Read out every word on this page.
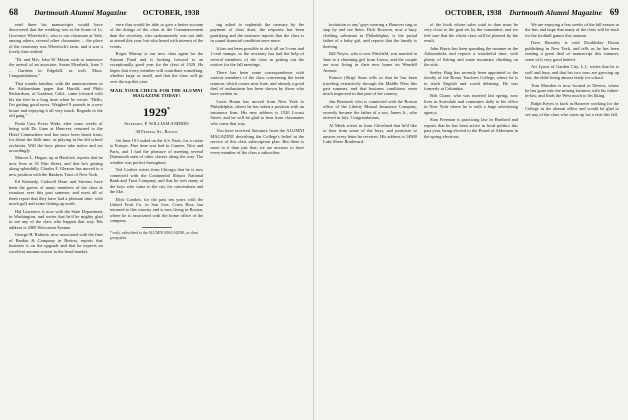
68 Dartmouth Alumni Magazine OCTOBER, 1938

read there his manuscripts would have discovered that the wedding was at the home of Lt. Governor Wheelock's, who is our classmate at Yale, among others, several other classmates ... the place of the ceremony was Wheelock's farm, and it was a lovely time indeed.

"Dr. and Mrs. John W. Mason wish to announce the arrival of an associate, Susan Elizabeth, June 5 ... Gardens in Edgehill, as well, Mass. Congratulations."

That sounds familiar, with the announcement in the Ashburnham paper that Harold, and Philo Richardson, of Gardena, Calif., came forward with his ten feet in a long time when he wrote: "Hello, I'm getting good news. Weighed 9 pounds in a new house and enjoying it all very much. Regards to the old gang."

Paula Cass Evers Wade, after some weeks of being with Dr. Lane at Hanover, returned to the Hotel Commodore and has since been heard from, for about the fifth time, as playing in the old school orchestra. Will the boys please take notice and act accordingly.

Marcus L. Hoppe, up at Hartford, reports that he now lives at 51 Elm Street, and that he's getting along splendidly. Charles F. Gleason has moved to a new position with the Bankers Trust of New York.

Ed Kennedy, Cadwell Dean and Stevens have been the guests of many members of the class at reunions over this past summer, and most all of them report that they have had a pleasant time, with much golf and some fishing up north.

Hal Lawrence is now with the State Department in Washington, and writes that he'd be mighty glad to see any of the class who happen that way. His address is 2900 Wisconsin Avenue.

George H. Roberts, now associated with the firm of Rankin & Company in Boston, reports that business is on the upgrade and that he expects an excellent autumn season in the bond market.

ence that would be able to give a better account of the doings of the class at the Commencement than the secretary, who unfortunately was not able to attend this year, but who heard with interest of the events.

Roger Murray is our new class agent for the Alumni Fund and is looking forward to an exceptionally good year for the class of 1929. He hopes that every member will contribute something, whether large or small, and that the class will go over the top this year.

MAIL YOUR CHECK FOR THE ALUMNI MAGAZINE TODAY!
1929*
Secretary, F. WILLIAM ANDRES
30 Federal St., Boston

On June 19 I sailed on the S.S. Paris, for a cruise to Europe. Fine time was had in Cannes, Nice and Paris, and I had the pleasure of meeting several Dartmouth men of other classes along the way. The weather was perfect throughout.

Ted Coulter writes from Chicago that he is now connected with the Continental Illinois National Bank and Trust Company, and that he sees many of the boys who come to the city for conventions and the like.

Dick Condon, for the past ten years with the United Fruit Co. in San Jose, Costa Rica, has returned to this country and is now living in Boston, where he is associated with the home office of the company.

* early, subscribed to the ALUMNI MAGAZINE, as class group plan.

ing asked to replenish the treasury by the payment of class dues; the response has been gratifying and the treasurer reports that the class is in sound financial condition once more.

It has not been possible to do it all on 5-cent and 1-cent stamps, so the secretary has had the help of several members of the class in getting out the notices for the fall meetings.

There has been some correspondence with various members of the class concerning the tenth reunion, which comes next June, and already a good deal of enthusiasm has been shown by those who have written in.

Louis Horan has moved from New York to Philadelphia, where he has taken a position with an insurance firm. His new address is 1520 Locust Street, and he will be glad to hear from classmates who come that way.

You have received literature from the ALUMNI MAGAZINE describing the College's belief in the service of this class subscription plan. But there is more to it than just that; we are anxious to have every member of the class a subscriber.

OCTOBER, 1938 Dartmouth Alumni Magazine 69

invitation to any 'guys wearing a Hanover ring to stop by and see them. Dick Rowson, now a busy clothing salesman in Philadelphia, is the proud father of a baby girl, and reports that the family is thriving.

Bill Noyes, who is now Pittsfield, was married in June to a charming girl from Lenox, and the couple are now living in their new home on Wendell Avenue.

Francis (Skip) Sears tells us that he has been traveling extensively through the Middle West this past summer, and that business conditions seem much improved in that part of the country.

Jim Brainerd, who is connected with the Boston office of the Liberty Mutual Insurance Company, recently became the father of a son, James Jr., who arrived in July. Congratulations.

Al Meek writes in from Cleveland that he'd like to hear from some of the boys, and promises to answer every letter he receives. His address is 14900 Lake Shore Boulevard.

of the book whose sales total to date must be very close to the goal set by the committee, and we feel sure that the whole class will be pleased by the result.

John Harris has been spending the summer in the Adirondacks and reports a wonderful time, with plenty of fishing and some mountain climbing on the side.

Seeley Haig has recently been appointed to the faculty of the Bronx Teachers College, where he is to teach English and coach debating. He was formerly at Columbia.

Bob Chase, who was married last spring, now lives in Scarsdale and commutes daily to his office in New York where he is with a large advertising agency.

Stan Freeman is practicing law in Hartford and reports that he has been active in local politics this past year, being elected to the Board of Aldermen in the spring elections.

We are enjoying a few weeks of the fall season at the Inn, and hope that many of the class will be back for the football games this autumn.

Dave Bromley is with Doubleday Doran publishing in New York, and tells us he has been reading a great deal of manuscript this summer, some of it very good indeed.

Art Lyons of Garden City, L.I., writes that he is well and busy and that his two sons are growing up fast, the elder being almost ready for school.

Tom Marsden is now located in Denver, where he has gone into the mining business with his father-in-law, and finds the West much to his liking.

Ralph Keyes is back in Hanover working for the College in the alumni office and would be glad to see any of the class who come up for a visit this fall.
